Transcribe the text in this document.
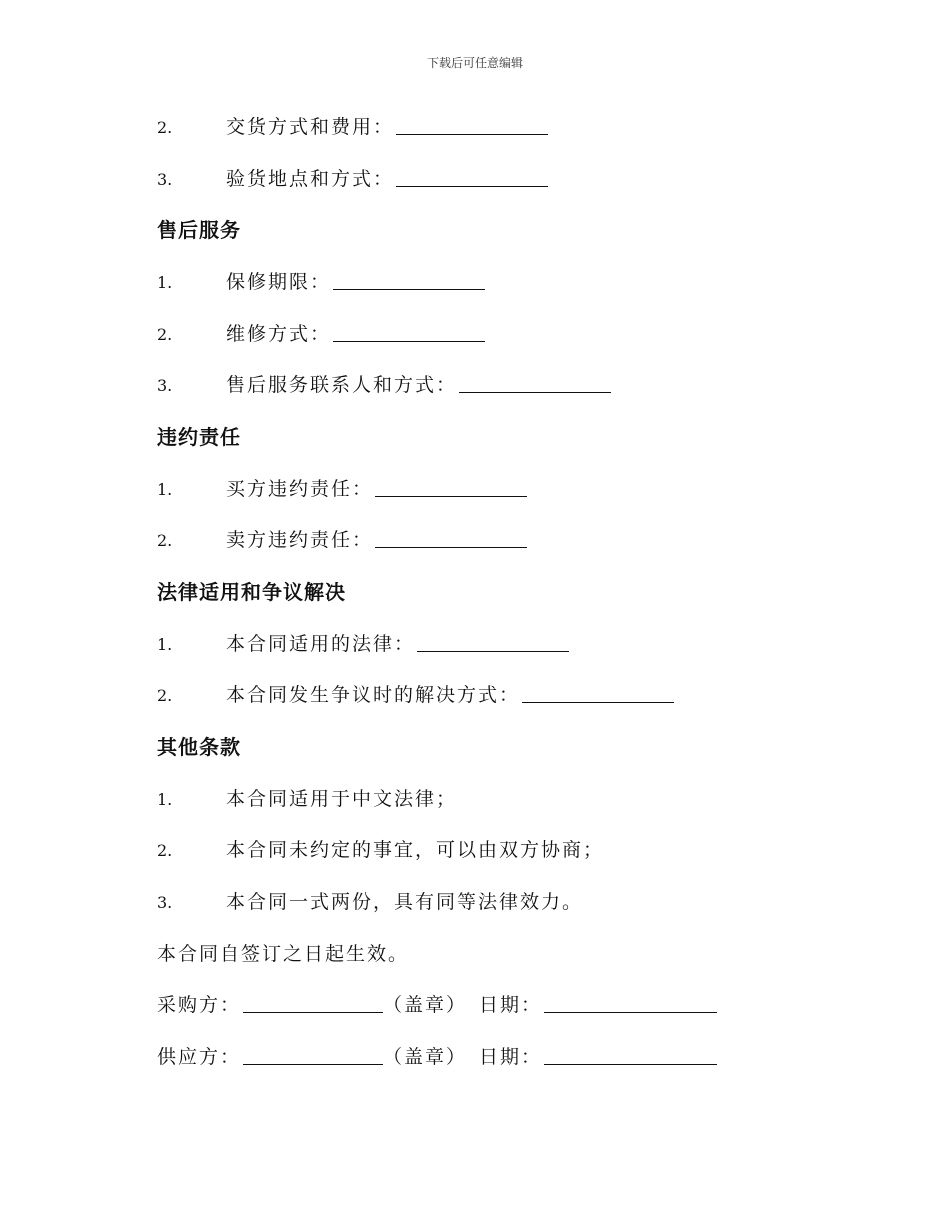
下载后可任意编辑
2.	交货方式和费用：
3.	验货地点和方式：
售后服务
1.	保修期限：
2.	维修方式：
3.	售后服务联系人和方式：
违约责任
1.	买方违约责任：
2.	卖方违约责任：
法律适用和争议解决
1.	本合同适用的法律：
2.	本合同发生争议时的解决方式：
其他条款
1.	本合同适用于中文法律；
2.	本合同未约定的事宜，可以由双方协商；
3.	本合同一式两份，具有同等法律效力。
本合同自签订之日起生效。
采购方：	（盖章） 日期：
供应方：	（盖章） 日期：
